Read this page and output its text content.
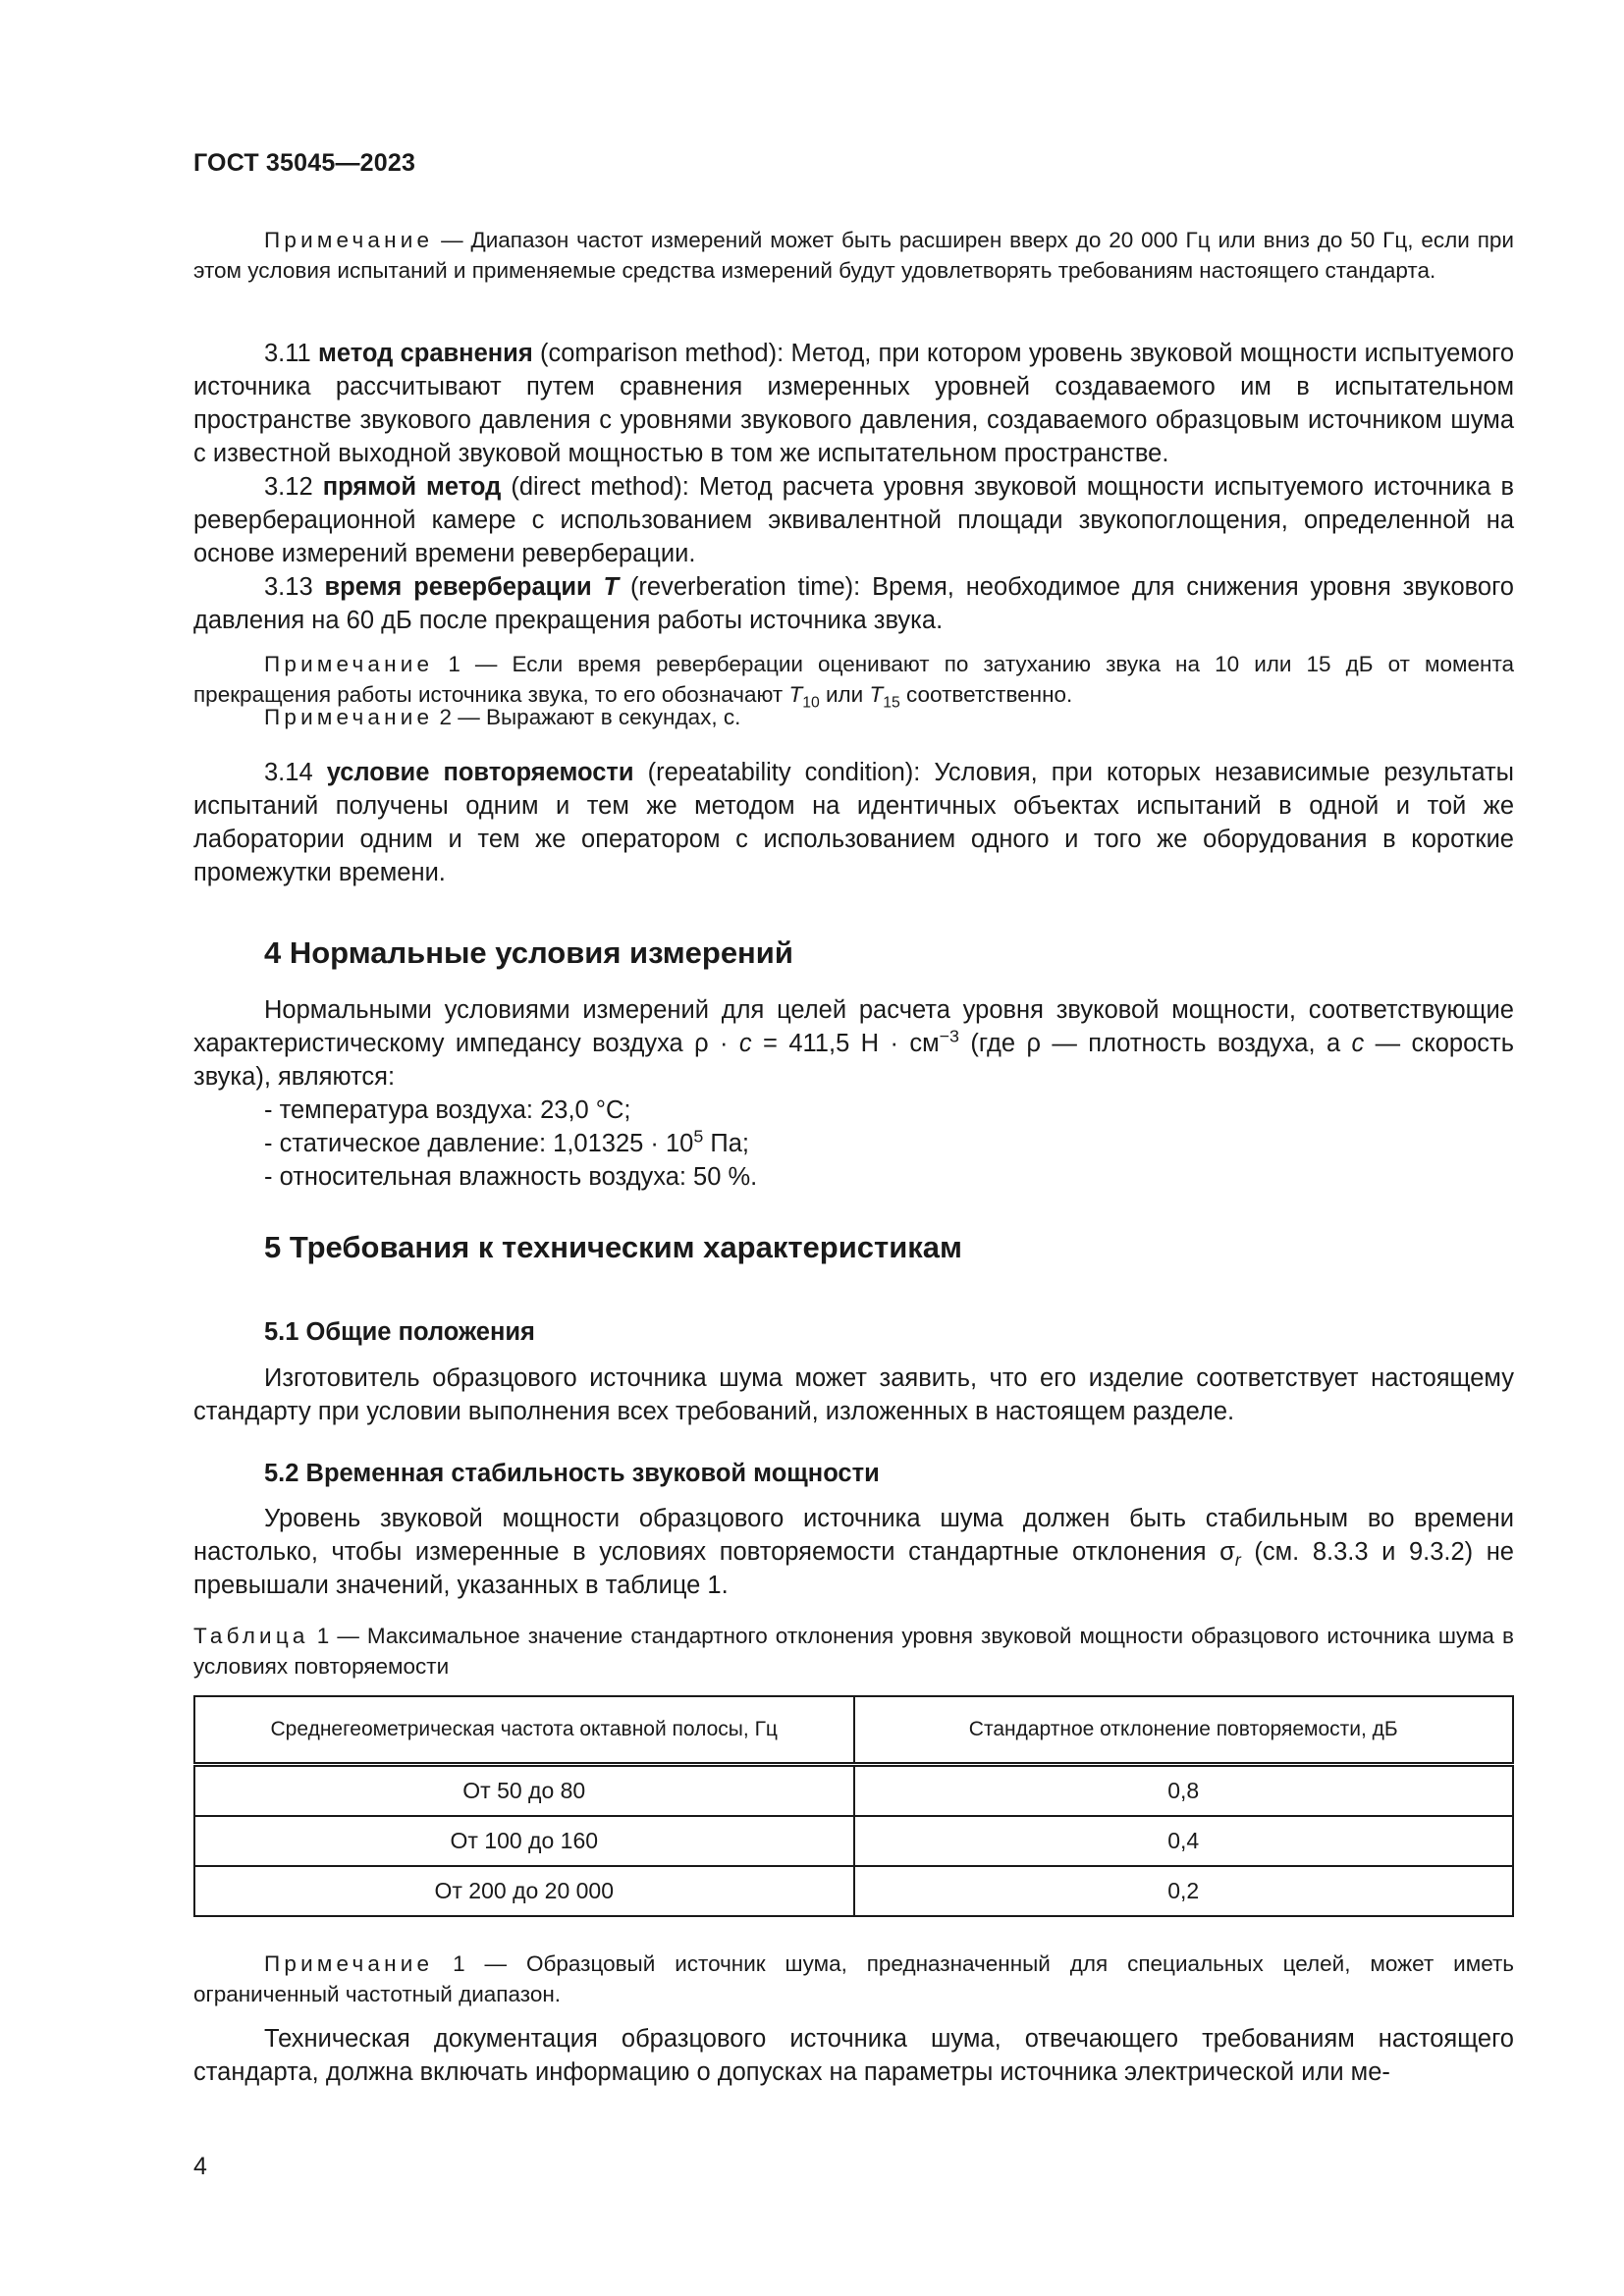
ГОСТ 35045—2023

Примечание — Диапазон частот измерений может быть расширен вверх до 20 000 Гц или вниз до 50 Гц, если при этом условия испытаний и применяемые средства измерений будут удовлетворять требованиям настоящего стандарта.

3.11 метод сравнения (comparison method): Метод, при котором уровень звуковой мощности испытуемого источника рассчитывают путем сравнения измеренных уровней создаваемого им в испытательном пространстве звукового давления с уровнями звукового давления, создаваемого образцовым источником шума с известной выходной звуковой мощностью в том же испытательном пространстве.

3.12 прямой метод (direct method): Метод расчета уровня звуковой мощности испытуемого источника в реверберационной камере с использованием эквивалентной площади звукопоглощения, определенной на основе измерений времени реверберации.

3.13 время реверберации T (reverberation time): Время, необходимое для снижения уровня звукового давления на 60 дБ после прекращения работы источника звука.

Примечание 1 — Если время реверберации оценивают по затуханию звука на 10 или 15 дБ от момента прекращения работы источника звука, то его обозначают $T_{10}$ или $T_{15}$ соответственно.

Примечание 2 — Выражают в секундах, с.

3.14 условие повторяемости (repeatability condition): Условия, при которых независимые результаты испытаний получены одним и тем же методом на идентичных объектах испытаний в одной и той же лаборатории одним и тем же оператором с использованием одного и того же оборудования в короткие промежутки времени.

4 Нормальные условия измерений

Нормальными условиями измерений для целей расчета уровня звуковой мощности, соответствующие характеристическому импедансу воздуха ρ · c = 411,5 $Н \cdot см^{-3}$ (где ρ — плотность воздуха, а c — скорость звука), являются:

- температура воздуха: 23,0 °C;
- статическое давление: $1,01325 \cdot 10^5$ Па;
- относительная влажность воздуха: 50 %.
5 Требования к техническим характеристикам
5.1 Общие положения

Изготовитель образцового источника шума может заявить, что его изделие соответствует настоящему стандарту при условии выполнения всех требований, изложенных в настоящем разделе.

5.2 Временная стабильность звуковой мощности

Уровень звуковой мощности образцового источника шума должен быть стабильным во времени настолько, чтобы измеренные в условиях повторяемости стандартные отклонения $\sigma_r$ (см. 8.3.3 и 9.3.2) не превышали значений, указанных в таблице 1.

Таблица 1 — Максимальное значение стандартного отклонения уровня звуковой мощности образцового источника шума в условиях повторяемости

Среднегеометрическая частота октавной полосы, Гц	Стандартное отклонение повторяемости, дБ
От 50 до 80	0,8
От 100 до 160	0,4
От 200 до 20 000	0,2

Примечание 1 — Образцовый источник шума, предназначенный для специальных целей, может иметь ограниченный частотный диапазон.

Техническая документация образцового источника шума, отвечающего требованиям настоящего стандарта, должна включать информацию о допусках на параметры источника электрической или ме-

4
